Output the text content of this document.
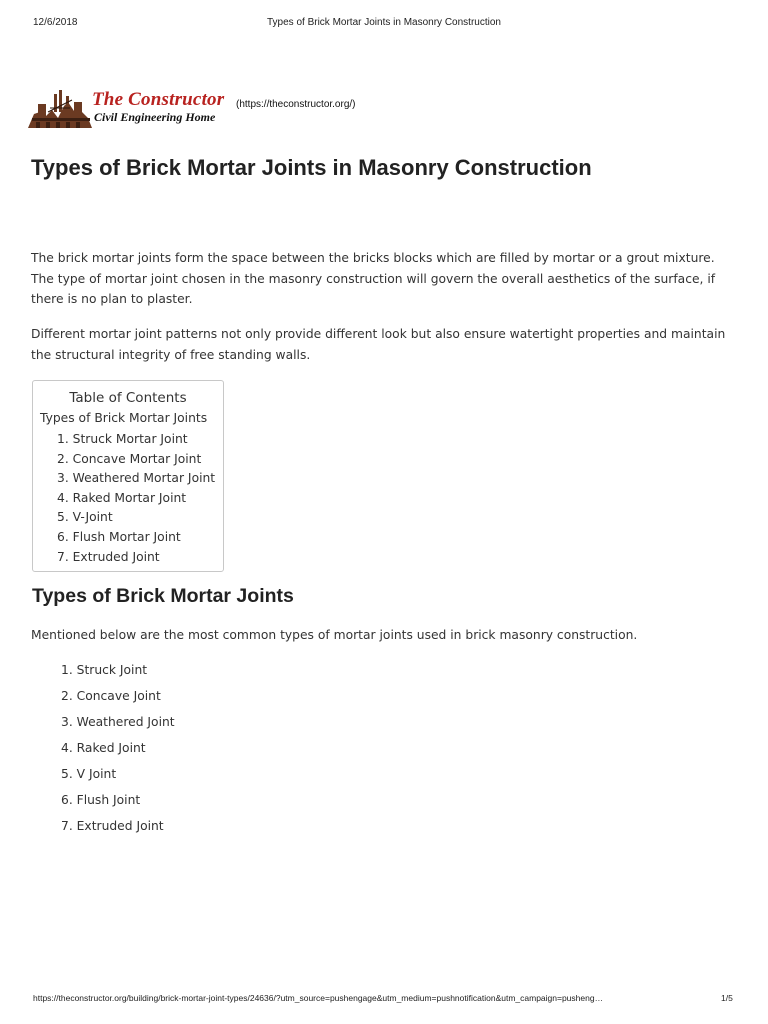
12/6/2018	Types of Brick Mortar Joints in Masonry Construction
The Constructor
Civil Engineering Home
(https://theconstructor.org/)
Types of Brick Mortar Joints in Masonry Construction

The brick mortar joints form the space between the bricks blocks which are filled by mortar or a grout mixture. The type of mortar joint chosen in the masonry construction will govern the overall aesthetics of the surface, if there is no plan to plaster.

Different mortar joint patterns not only provide different look but also ensure watertight properties and maintain the structural integrity of free standing walls.

Table of Contents
Types of Brick Mortar Joints
1. Struck Mortar Joint
2. Concave Mortar Joint
3. Weathered Mortar Joint
4. Raked Mortar Joint
5. V-Joint
6. Flush Mortar Joint
7. Extruded Joint
Types of Brick Mortar Joints

Mentioned below are the most common types of mortar joints used in brick masonry construction.

1. Struck Joint
2. Concave Joint
3. Weathered Joint
4. Raked Joint
5. V Joint
6. Flush Joint
7. Extruded Joint
https://theconstructor.org/building/brick-mortar-joint-types/24636/?utm_source=pushengage&utm_medium=pushnotification&utm_campaign=pusheng…	1/5
